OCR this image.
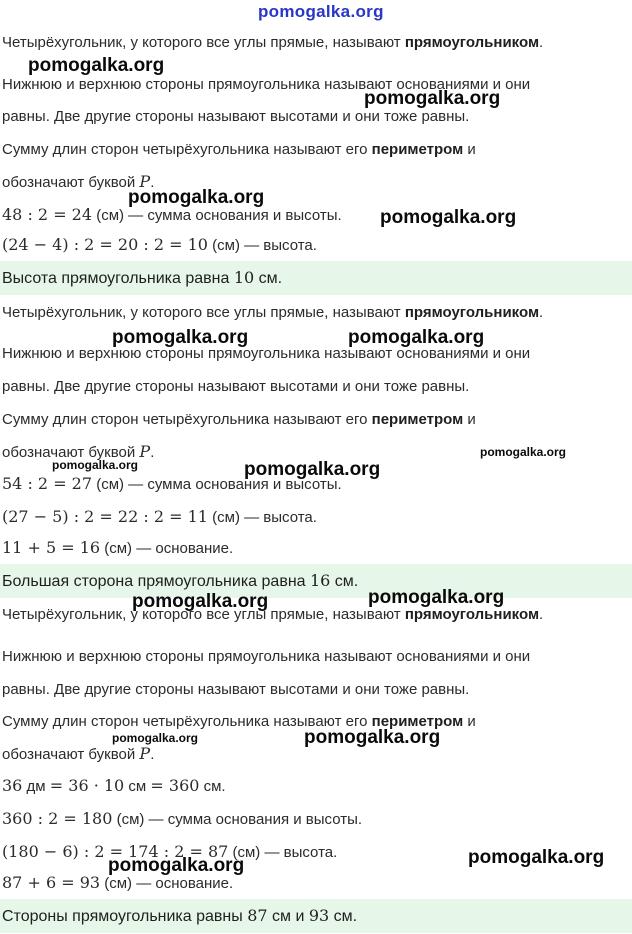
pomogalka.org
Четырёхугольник, у которого все углы прямые, называют прямоугольником.
Нижнюю и верхнюю стороны прямоугольника называют основаниями и они
равны. Две другие стороны называют высотами и они тоже равны.
Сумму длин сторон четырёхугольника называют его периметром и
обозначают буквой P.
48 : 2 = 24 (см) — сумма основания и высоты.
(24 − 4) : 2 = 20 : 2 = 10 (см) — высота.
Высота прямоугольника равна 10 см.
Четырёхугольник, у которого все углы прямые, называют прямоугольником.
Нижнюю и верхнюю стороны прямоугольника называют основаниями и они
равны. Две другие стороны называют высотами и они тоже равны.
Сумму длин сторон четырёхугольника называют его периметром и
обозначают буквой P.
54 : 2 = 27 (см) — сумма основания и высоты.
(27 − 5) : 2 = 22 : 2 = 11 (см) — высота.
11 + 5 = 16 (см) — основание.
Большая сторона прямоугольника равна 16 см.
Четырёхугольник, у которого все углы прямые, называют прямоугольником.
Нижнюю и верхнюю стороны прямоугольника называют основаниями и они
равны. Две другие стороны называют высотами и они тоже равны.
Сумму длин сторон четырёхугольника называют его периметром и
обозначают буквой P.
36 дм = 36 · 10 см = 360 см.
360 : 2 = 180 (см) — сумма основания и высоты.
(180 − 6) : 2 = 174 : 2 = 87 (см) — высота.
87 + 6 = 93 (см) — основание.
Стороны прямоугольника равны 87 см и 93 см.
pomogalka.org
pomogalka.org
pomogalka.org
pomogalka.org
pomogalka.org	pomogalka.org
pomogalka.org
pomogalka.org	pomogalka.org
pomogalka.org
pomogalka.org
pomogalka.org	pomogalka.org
pomogalka.org
pomogalka.org
